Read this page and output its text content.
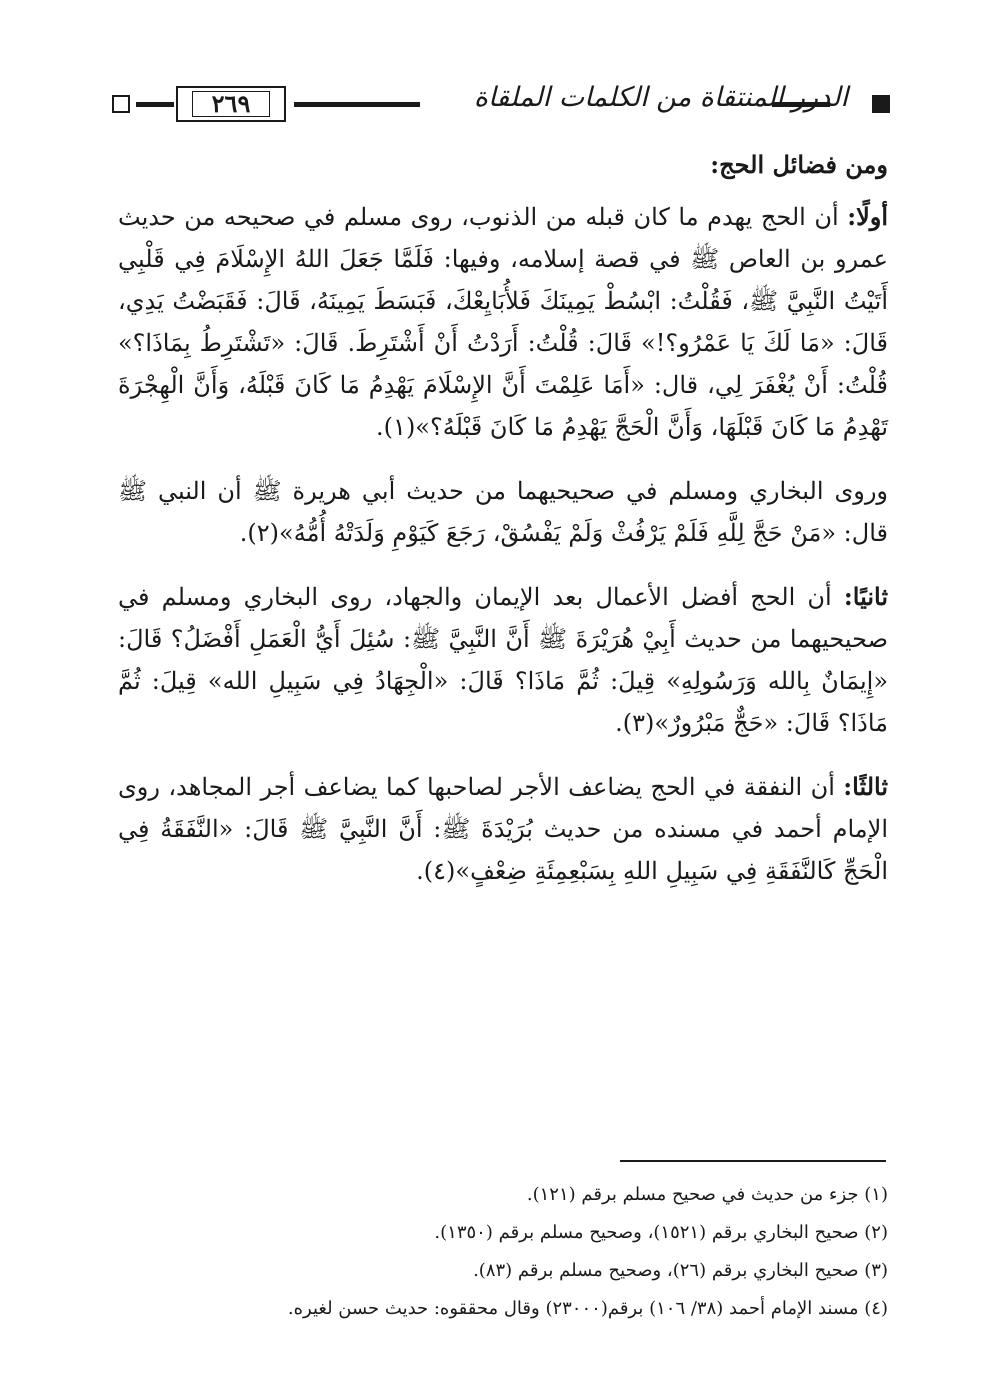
الدرر المنتقاة من الكلمات الملقاة
٢٦٩

ومن فضائل الحج:

أولًا: أن الحج يهدم ما كان قبله من الذنوب، روى مسلم في صحيحه من حديث عمرو بن العاص ﷺ في قصة إسلامه، وفيها: فَلَمَّا جَعَلَ اللهُ الإِسْلَامَ فِي قَلْبِي أَتَيْتُ النَّبِيَّ ﷺ، فَقُلْتُ: ابْسُطْ يَمِينَكَ فَلأُبَايِعْكَ، فَبَسَطَ يَمِينَهُ، قَالَ: فَقَبَضْتُ يَدِي، قَالَ: «مَا لَكَ يَا عَمْرُو؟!» قَالَ: قُلْتُ: أَرَدْتُ أَنْ أَشْتَرِطَ. قَالَ: «تَشْتَرِطُ بِمَاذَا؟» قُلْتُ: أَنْ يُغْفَرَ لِي، قال: «أَمَا عَلِمْتَ أَنَّ الإِسْلَامَ يَهْدِمُ مَا كَانَ قَبْلَهُ، وَأَنَّ الْهِجْرَةَ تَهْدِمُ مَا كَانَ قَبْلَهَا، وَأَنَّ الْحَجَّ يَهْدِمُ مَا كَانَ قَبْلَهُ؟»(١).

وروى البخاري ومسلم في صحيحيهما من حديث أبي هريرة ﷺ أن النبي ﷺ قال: «مَنْ حَجَّ لِلَّهِ فَلَمْ يَرْفُثْ وَلَمْ يَفْسُقْ، رَجَعَ كَيَوْمِ وَلَدَتْهُ أُمُّهُ»(٢).

ثانيًا: أن الحج أفضل الأعمال بعد الإيمان والجهاد، روى البخاري ومسلم في صحيحيهما من حديث أَبِيْ هُرَيْرَةَ ﷺ أَنَّ النَّبِيَّ ﷺ: سُئِلَ أَيُّ الْعَمَلِ أَفْضَلُ؟ قَالَ: «إِيمَانٌ بِالله وَرَسُولِهِ» قِيلَ: ثُمَّ مَاذَا؟ قَالَ: «الْجِهَادُ فِي سَبِيلِ الله» قِيلَ: ثُمَّ مَاذَا؟ قَالَ: «حَجٌّ مَبْرُورٌ»(٣).

ثالثًا: أن النفقة في الحج يضاعف الأجر لصاحبها كما يضاعف أجر المجاهد، روى الإمام أحمد في مسنده من حديث بُرَيْدَةَ ﷺ: أَنَّ النَّبِيَّ ﷺ قَالَ: «النَّفَقَةُ فِي الْحَجِّ كَالنَّفَقَةِ فِي سَبِيلِ اللهِ بِسَبْعِمِئَةِ ضِعْفٍ»(٤).

(١) جزء من حديث في صحيح مسلم برقم (١٢١).
(٢) صحيح البخاري برقم (١٥٢١)، وصحيح مسلم برقم (١٣٥٠).
(٣) صحيح البخاري برقم (٢٦)، وصحيح مسلم برقم (٨٣).
(٤) مسند الإمام أحمد (٣٨/ ١٠٦) برقم(٢٣٠٠٠) وقال محققوه: حديث حسن لغيره.
